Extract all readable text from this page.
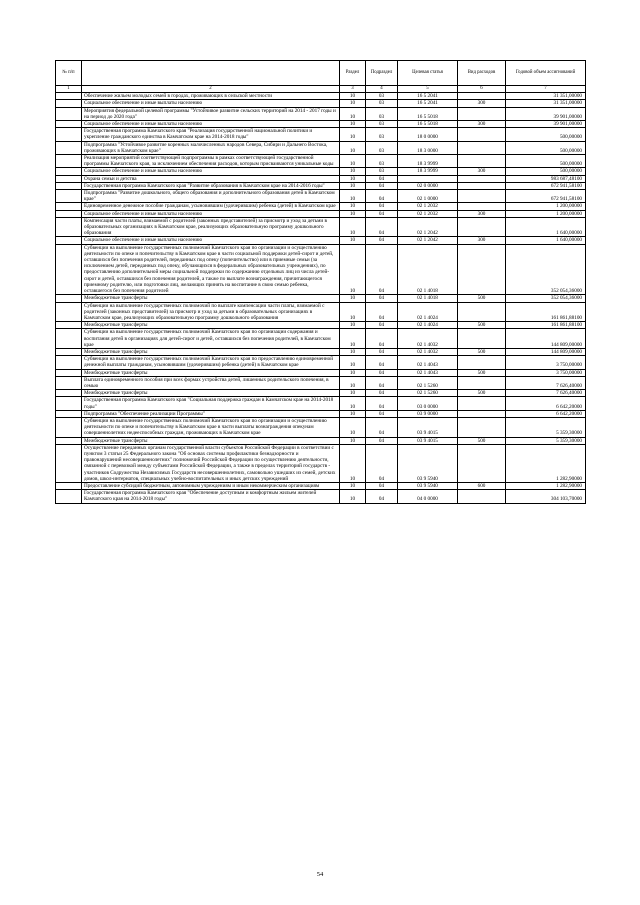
№ п/п		Раздел	Подраздел	Целевая статья	Вид расходов	Годовой объем ассигнований
1	2	3	4	5	6	7
	Обеспечение жильем молодых семей в городах, проживающих в сельской местности	10	03	16 5 2041		31 351,00000
	Социальное обеспечение и иные выплаты населению	10	03	16 5 2041	300	31 351,00000
	Мероприятия федеральной целевой программы "Устойчивое развитие сельских территорий на 2014 - 2017 годы и на период до 2020 года"	10	03	16 5 5018		39 901,00000
	Социальное обеспечение и иные выплаты населению	10	03	16 5 5018	300	39 901,00000
	Государственная программа Камчатского края "Реализация государственной национальной политики и укрепление гражданского единства в Камчатском крае на 2014-2018 годы"	10	03	18 0 0000		500,00000
	Подпрограмма "Устойчивое развитие коренных малочисленных народов Севера, Сибири и Дальнего Востока, проживающих в Камчатском крае"	10	03	18 3 0000		500,00000
	Реализация мероприятий соответствующей подпрограммы в рамках соответствующей государственной программы Камчатского края, за исключением обеспечения расходов, которым присваиваются уникальные коды	10	03	18 3 9999		500,00000
	Социальное обеспечение и иные выплаты населению	10	03	18 3 9999	300	500,00000
	Охрана семьи и детства	10	04			983 687,48100
	Государственная программа Камчатского края "Развитие образования в Камчатском крае на 2014-2016 годы"	10	04	02 0 0000		672 941,58100
	Подпрограмма "Развитие дошкольного, общего образования и дополнительного образования детей в Камчатском крае"	10	04	02 1 0000		672 941,58100
	Единовременное денежное пособие гражданам, усыновившим (удочерившим) ребенка (детей) в Камчатском крае	10	04	02 1 2032		1 200,00000
	Социальное обеспечение и иные выплаты населению	10	04	02 1 2032	300	1 200,00000
	Компенсация части платы, взимаемой с родителей (законных представителей) за присмотр и уход за детьми в образовательных организациях в Камчатском крае, реализующих образовательную программу дошкольного образования	10	04	02 1 2042		1 640,00000
	Социальное обеспечение и иные выплаты населению	10	04	02 1 2042	300	1 640,00000
	Субвенции на выполнение государственных полномочий Камчатского края по организации и осуществлению деятельности по опеке и попечительству в Камчатском крае в части социальной поддержки детей-сирот и детей, оставшихся без попечения родителей, переданных под опеку (попечительство) или в приемные семьи (за исключением детей, переданных под опеку, обучающихся в федеральных образовательных учреждениях), по предоставлению дополнительной меры социальной поддержки по содержанию отдельных лиц из числа детей-сирот и детей, оставшихся без попечения родителей, а также по выплате вознаграждения, причитающегося приемному родителю, или подготовки лиц, желающих принять на воспитание в свою семью ребенка, оставшегося без попечения родителей	10	04	02 1 4018		352 054,36000
	Межбюджетные трансферты	10	04	02 1 4018	500	352 054,36000
	Субвенции на выполнение государственных полномочий по выплате компенсации части платы, взимаемой с родителей (законных представителей) за присмотр и уход за детьми в образовательных организациях в Камчатском крае, реализующих образовательную программу дошкольного образования	10	04	02 1 4024		161 861,88100
	Межбюджетные трансферты	10	04	02 1 4024	500	161 861,88100
	Субвенции на выполнение государственных полномочий Камчатского края по организации содержания и воспитания детей в организациях для детей-сирот и детей, оставшихся без попечения родителей, в Камчатском крае	10	04	02 1 4032		144 809,00000
	Межбюджетные трансферты	10	04	02 1 4032	500	144 809,00000
	Субвенции на выполнение государственных полномочий Камчатского края по предоставлению единовременной денежной выплаты гражданам, усыновившим (удочерившим) ребенка (детей) в Камчатском крае	10	04	02 1 4043		3 750,00000
	Межбюджетные трансферты	10	04	02 1 4043	500	3 750,00000
	Выплата единовременного пособия при всех формах устройства детей, лишенных родительского попечения, в семью	10	04	02 1 5260		7 626,40000
	Межбюджетные трансферты	10	04	02 1 5260	500	7 626,40000
	Государственная программа Камчатского края "Социальная поддержка граждан в Камчатском крае на 2014-2018 годы"	10	04	03 0 0000		6 642,20000
	Подпрограмма "Обеспечение реализации Программы"	10	04	03 9 0000		6 642,20000
	Субвенции на выполнение государственных полномочий Камчатского края по организации и осуществлению деятельности по опеке и попечительству в Камчатском крае в части выплаты вознаграждения опекунам совершеннолетних недееспособных граждан, проживающих в Камчатском крае	10	04	03 9 4015		5 359,30000
	Межбюджетные трансферты	10	04	03 9 4015	500	5 359,30000
	Осуществление переданных органам государственной власти субъектов Российской Федерации в соответствии с пунктом 3 статьи 25 Федерального закона "Об основах системы профилактики безнадзорности и правонарушений несовершеннолетних" полномочий Российской Федерации по осуществлению деятельности, связанной с перевозкой между субъектами Российской Федерации, а также в пределах территорий государств - участников Содружества Независимых Государств несовершеннолетних, самовольно ушедших из семей, детских домов, школ-интернатов, специальных учебно-воспитательных и иных детских учреждений	10	04	03 9 5940		1 282,90000
	Предоставление субсидий бюджетным, автономным учреждениям и иным некоммерческим организациям	10	04	03 9 5940	600	1 282,90000
	Государственная программа Камчатского края "Обеспечение доступным и комфортным жильем жителей Камчатского края на 2014-2018 годы"	10	04	04 0 0000		304 103,70000
54
